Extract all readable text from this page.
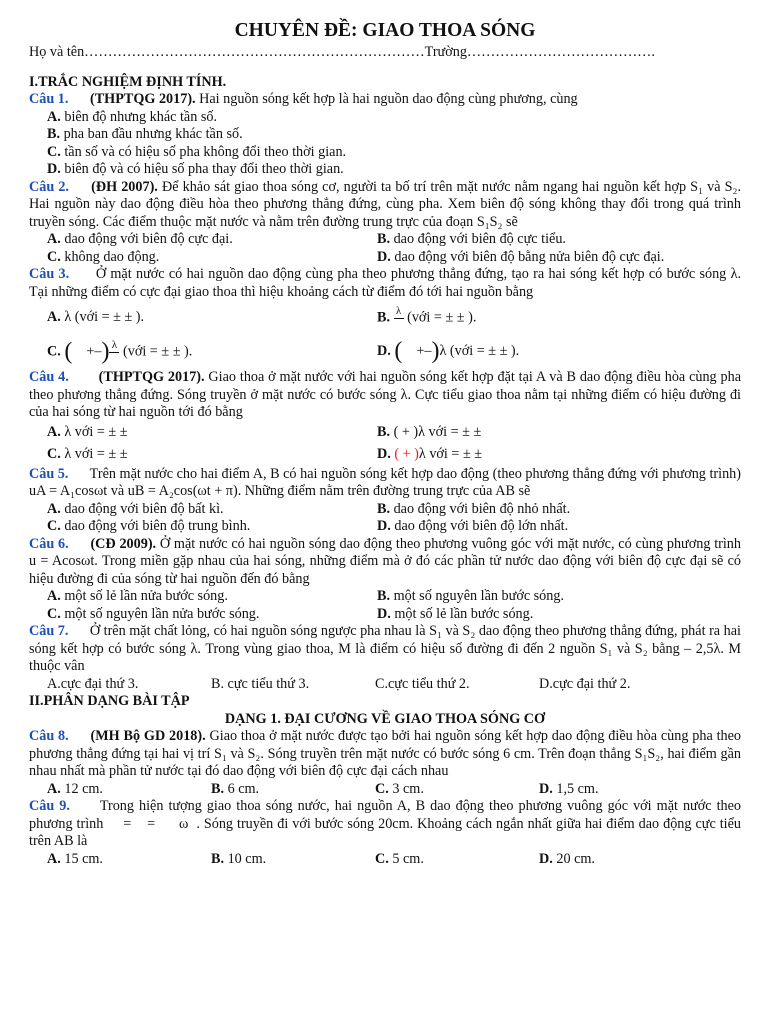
CHUYÊN ĐỀ: GIAO THOA SÓNG
Họ và tên………………………………………………………………Trường………………………………….
I.TRẮC NGHIỆM ĐỊNH TÍNH.
Câu 1. (THPTQG 2017). Hai nguồn sóng kết hợp là hai nguồn dao động cùng phương, cùng
A. biên độ nhưng khác tần số.
B. pha ban đầu nhưng khác tần số.
C. tần số và có hiệu số pha không đổi theo thời gian.
D. biên độ và có hiệu số pha thay đổi theo thời gian.
Câu 2. (ĐH 2007). Để khảo sát giao thoa sóng cơ, người ta bố trí trên mặt nước nằm ngang hai nguồn kết hợp S₁ và S₂. Hai nguồn này dao động điều hòa theo phương thẳng đứng, cùng pha. Xem biên độ sóng không thay đổi trong quá trình truyền sóng. Các điểm thuộc mặt nước và nằm trên đường trung trực của đoạn S₁S₂ sẽ
A. dao động với biên độ cực đại.	B. dao động với biên độ cực tiểu.
C. không dao động.	D. dao động với biên độ bằng nửa biên độ cực đại.
Câu 3.  Ở mặt nước có hai nguồn dao động cùng pha theo phương thẳng đứng, tạo ra hai sóng kết hợp có bước sóng λ. Tại những điểm có cực đại giao thoa thì hiệu khoảng cách từ điểm đó tới hai nguồn bằng
A. λ (với = ± ± ).	B. λ
(với = ± ± ).
C. ( +–) λ
(với = ± ± ).	D. ( +–)λ (với = ± ± ).
Câu 4. (THPTQG 2017). Giao thoa ở mặt nước với hai nguồn sóng kết hợp đặt tại A và B dao động điều hòa cùng pha theo phương thẳng đứng. Sóng truyền ở mặt nước có bước sóng λ. Cực tiểu giao thoa nằm tại những điểm có hiệu đường đi của hai sóng từ hai nguồn tới đó bằng
A. λ với = ± ±	B. ( + )λ với = ± ±
C. λ với = ± ±	D. ( + )λ với = ± ±
Câu 5.      Trên mặt nước cho hai điểm A, B có hai nguồn sóng kết hợp dao động (theo phương thẳng đứng với phương trình) uA = A₁cosωt và uB = A₂cos(ωt + π). Những điểm nằm trên đường trung trực của AB sẽ
A. dao động với biên độ bất kì.	B. dao động với biên độ nhỏ nhất.
C. dao động với biên độ trung bình.	D. dao động với biên độ lớn nhất.
Câu 6. (CĐ 2009). Ở mặt nước có hai nguồn sóng dao động theo phương vuông góc với mặt nước, có cùng phương trình u = Acosωt. Trong miền gặp nhau của hai sóng, những điểm mà ở đó các phần tử nước dao động với biên độ cực đại sẽ có hiệu đường đi của sóng từ hai nguồn đến đó bằng
A. một số lẻ lần nửa bước sóng.	B. một số nguyên lần bước sóng.
C. một số nguyên lần nửa bước sóng.	D. một số lẻ lần bước sóng.
Câu 7.      Ở trên mặt chất lỏng, có hai nguồn sóng ngược pha nhau là S₁ và S₂ dao động theo phương thẳng đứng, phát ra hai sóng kết hợp có bước sóng λ. Trong vùng giao thoa, M là điểm có hiệu số đường đi đến 2 nguồn S₁ và S₂ bằng – 2,5λ. M thuộc vân
A.cực đại thứ 3.	B. cực tiểu thứ 3.	C.cực tiểu thứ 2.	D.cực đại thứ 2.
II.PHÂN DẠNG BÀI TẬP
DẠNG 1. ĐẠI CƯƠNG VỀ GIAO THOA SÓNG CƠ
Câu 8. (MH Bộ GD 2018). Giao thoa ở mặt nước được tạo bởi hai nguồn sóng kết hợp dao động điều hòa cùng pha theo phương thẳng đứng tại hai vị trí S₁ và S₂. Sóng truyền trên mặt nước có bước sóng 6 cm. Trên đoạn thẳng S₁S₂, hai điểm gần nhau nhất mà phần tử nước tại đó dao động với biên độ cực đại cách nhau
A. 12 cm.	B. 6 cm.	C. 3 cm.	D. 1,5 cm.
Câu 9.      Trong hiện tượng giao thoa sóng nước, hai nguồn A, B dao động theo phương vuông góc với mặt nước theo phương trình     =    =      ω  . Sóng truyền đi với bước sóng 20cm. Khoảng cách ngắn nhất giữa hai điểm dao động cực tiểu trên AB là
A. 15 cm.	B. 10 cm.	C. 5 cm.	D. 20 cm.
